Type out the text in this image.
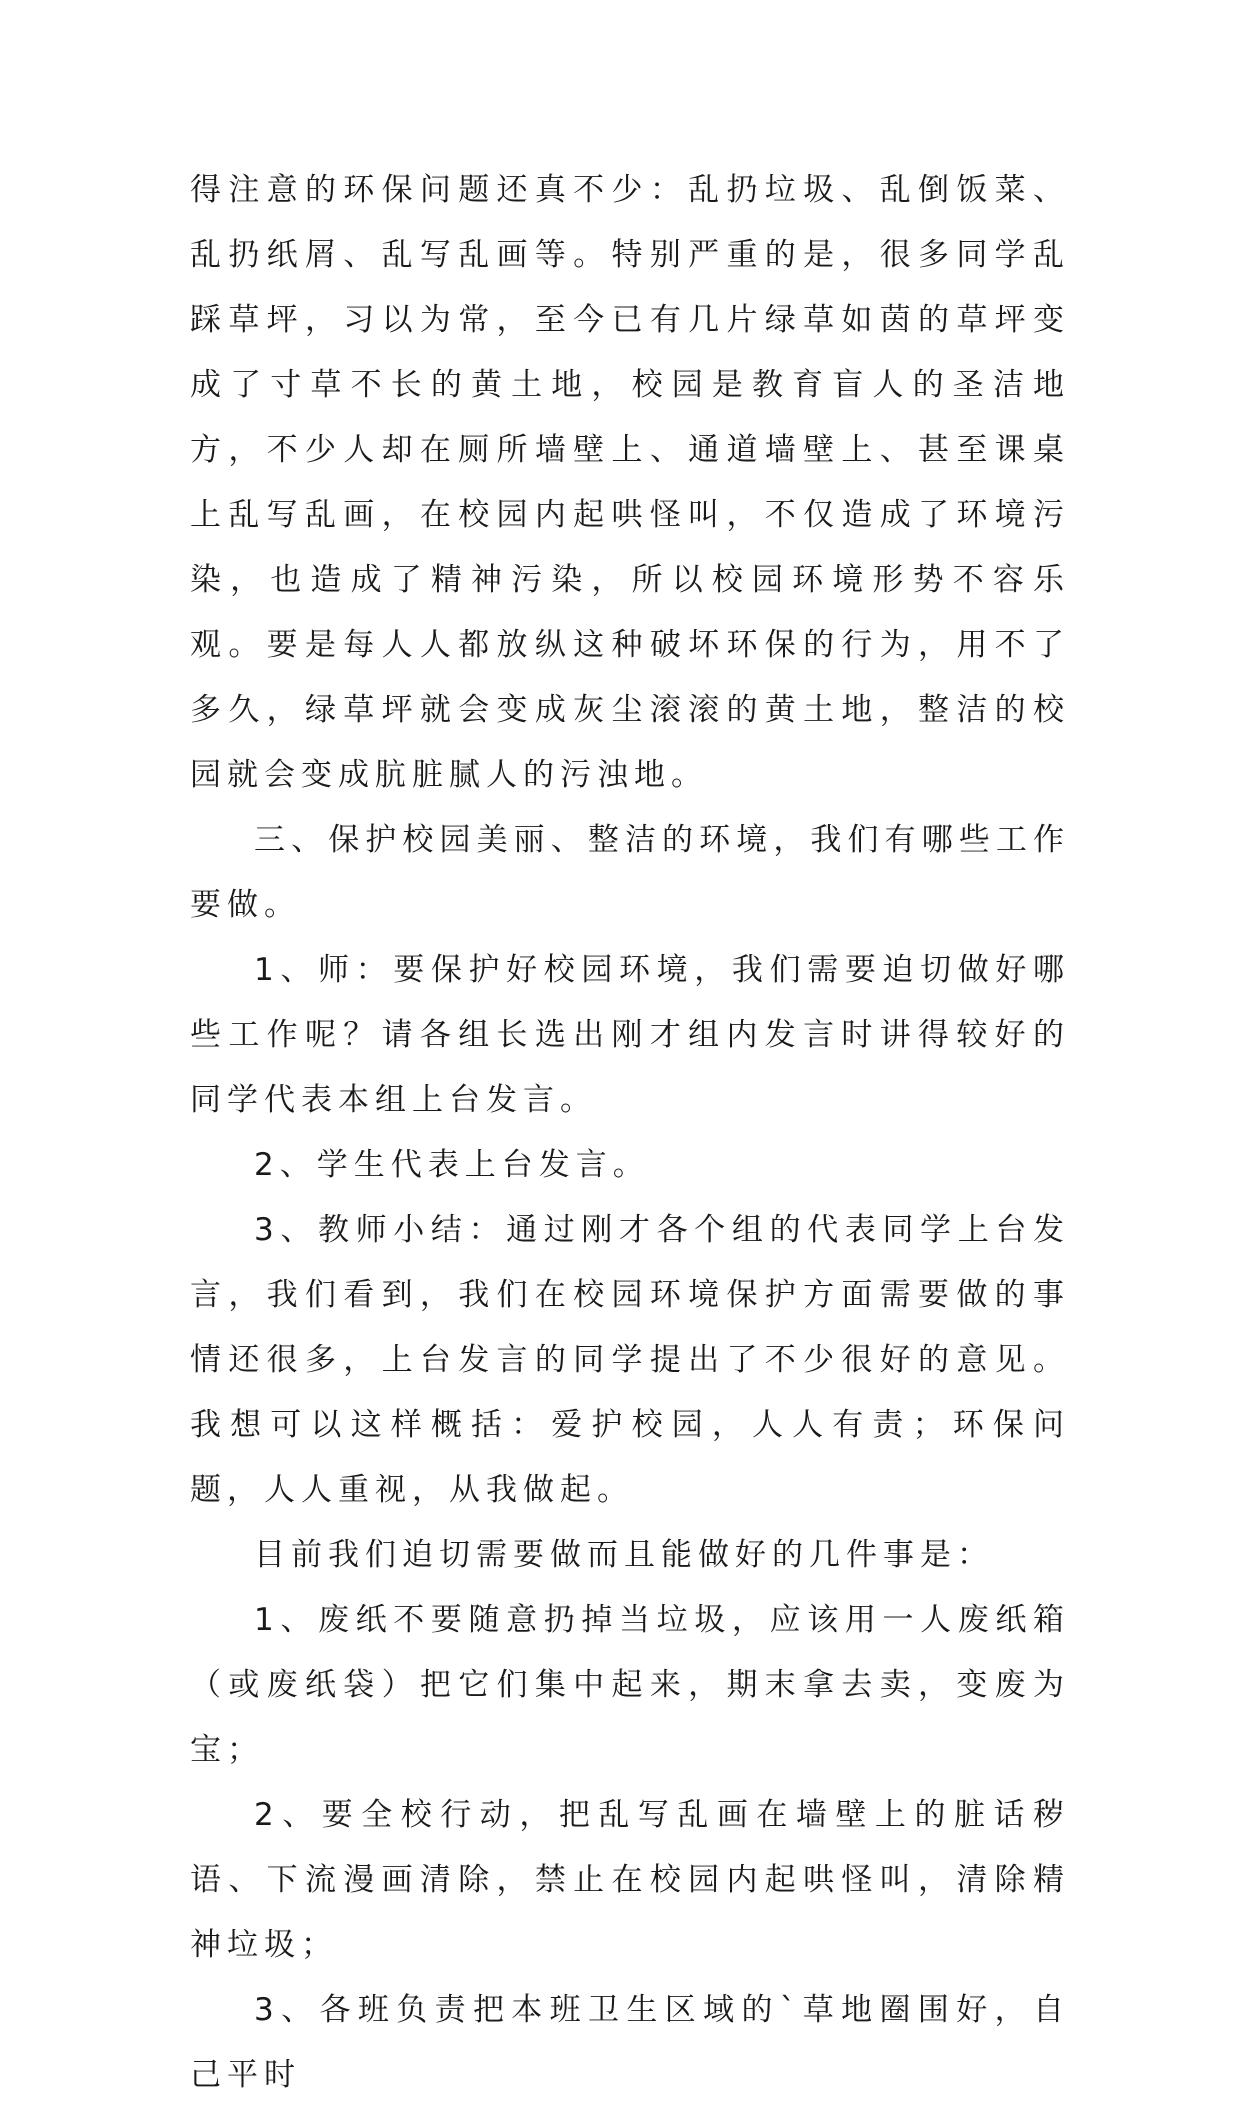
得注意的环保问题还真不少：乱扔垃圾、乱倒饭菜、乱扔纸屑、乱写乱画等。特别严重的是，很多同学乱踩草坪，习以为常，至今已有几片绿草如茵的草坪变成了寸草不长的黄土地，校园是教育盲人的圣洁地方，不少人却在厕所墙壁上、通道墙壁上、甚至课桌上乱写乱画，在校园内起哄怪叫，不仅造成了环境污染，也造成了精神污染，所以校园环境形势不容乐观。要是每人人都放纵这种破坏环保的行为，用不了多久，绿草坪就会变成灰尘滚滚的黄土地，整洁的校园就会变成肮脏腻人的污浊地。

三、保护校园美丽、整洁的环境，我们有哪些工作要做。

1、师：要保护好校园环境，我们需要迫切做好哪些工作呢？请各组长选出刚才组内发言时讲得较好的同学代表本组上台发言。

2、学生代表上台发言。

3、教师小结：通过刚才各个组的代表同学上台发言，我们看到，我们在校园环境保护方面需要做的事情还很多，上台发言的同学提出了不少很好的意见。我想可以这样概括：爱护校园，人人有责；环保问题，人人重视，从我做起。

目前我们迫切需要做而且能做好的几件事是：

1、废纸不要随意扔掉当垃圾，应该用一人废纸箱（或废纸袋）把它们集中起来，期末拿去卖，变废为宝；

2、要全校行动，把乱写乱画在墙壁上的脏话秽语、下流漫画清除，禁止在校园内起哄怪叫，清除精神垃圾；

3、各班负责把本班卫生区域的`草地圈围好，自己平时
